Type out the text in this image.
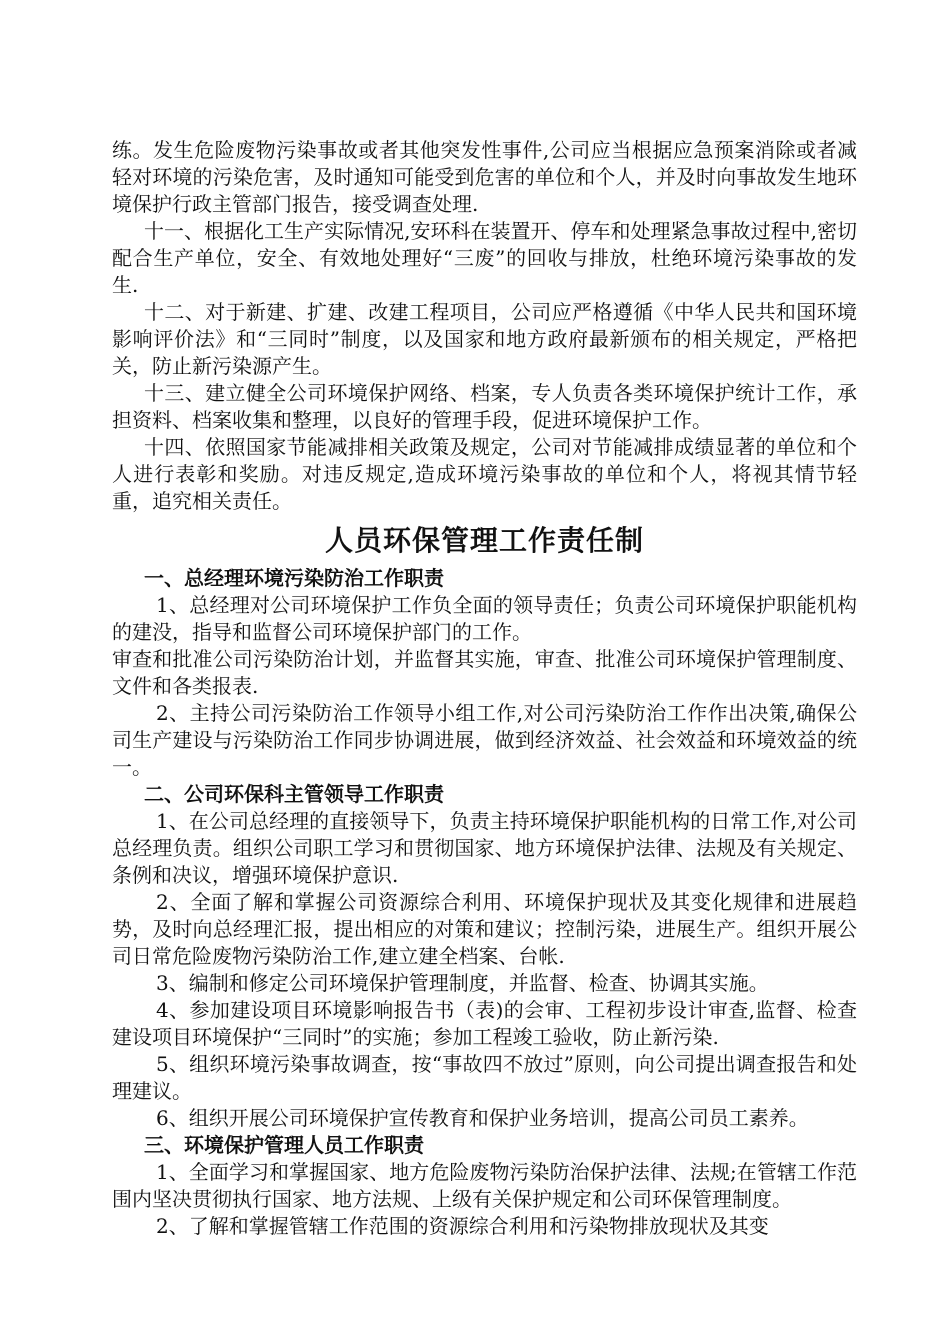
练。发生危险废物污染事故或者其他突发性事件,公司应当根据应急预案消除或者减轻对环境的污染危害，及时通知可能受到危害的单位和个人，并及时向事故发生地环境保护行政主管部门报告，接受调查处理.

十一、根据化工生产实际情况,安环科在装置开、停车和处理紧急事故过程中,密切配合生产单位，安全、有效地处理好“三废”的回收与排放，杜绝环境污染事故的发生.

十二、对于新建、扩建、改建工程项目，公司应严格遵循《中华人民共和国环境影响评价法》和“三同时”制度，以及国家和地方政府最新颁布的相关规定，严格把关，防止新污染源产生。

十三、建立健全公司环境保护网络、档案，专人负责各类环境保护统计工作，承担资料、档案收集和整理，以良好的管理手段，促进环境保护工作。

十四、依照国家节能减排相关政策及规定，公司对节能减排成绩显著的单位和个人进行表彰和奖励。对违反规定,造成环境污染事故的单位和个人，将视其情节轻重，追究相关责任。

人员环保管理工作责任制
一、总经理环境污染防治工作职责

1、总经理对公司环境保护工作负全面的领导责任；负责公司环境保护职能机构的建没，指导和监督公司环境保护部门的工作。

审查和批准公司污染防治计划，并监督其实施，审查、批准公司环境保护管理制度、文件和各类报表.

2、主持公司污染防治工作领导小组工作,对公司污染防治工作作出决策,确保公司生产建设与污染防治工作同步协调进展，做到经济效益、社会效益和环境效益的统一。

二、公司环保科主管领导工作职责

1、在公司总经理的直接领导下，负责主持环境保护职能机构的日常工作,对公司总经理负责。组织公司职工学习和贯彻国家、地方环境保护法律、法规及有关规定、条例和决议，增强环境保护意识.

2、全面了解和掌握公司资源综合利用、环境保护现状及其变化规律和进展趋势，及时向总经理汇报，提出相应的对策和建议；控制污染，进展生产。组织开展公司日常危险废物污染防治工作,建立建全档案、台帐.

3、编制和修定公司环境保护管理制度，并监督、检查、协调其实施。

4、参加建设项目环境影响报告书（表)的会审、工程初步设计审查,监督、检查建设项目环境保护“三同时”的实施；参加工程竣工验收，防止新污染.

5、组织环境污染事故调查，按“事故四不放过”原则，向公司提出调查报告和处理建议。

6、组织开展公司环境保护宣传教育和保护业务培训，提高公司员工素养。

三、环境保护管理人员工作职责

1、全面学习和掌握国家、地方危险废物污染防治保护法律、法规;在管辖工作范围内坚决贯彻执行国家、地方法规、上级有关保护规定和公司环保管理制度。

2、了解和掌握管辖工作范围的资源综合利用和污染物排放现状及其变
